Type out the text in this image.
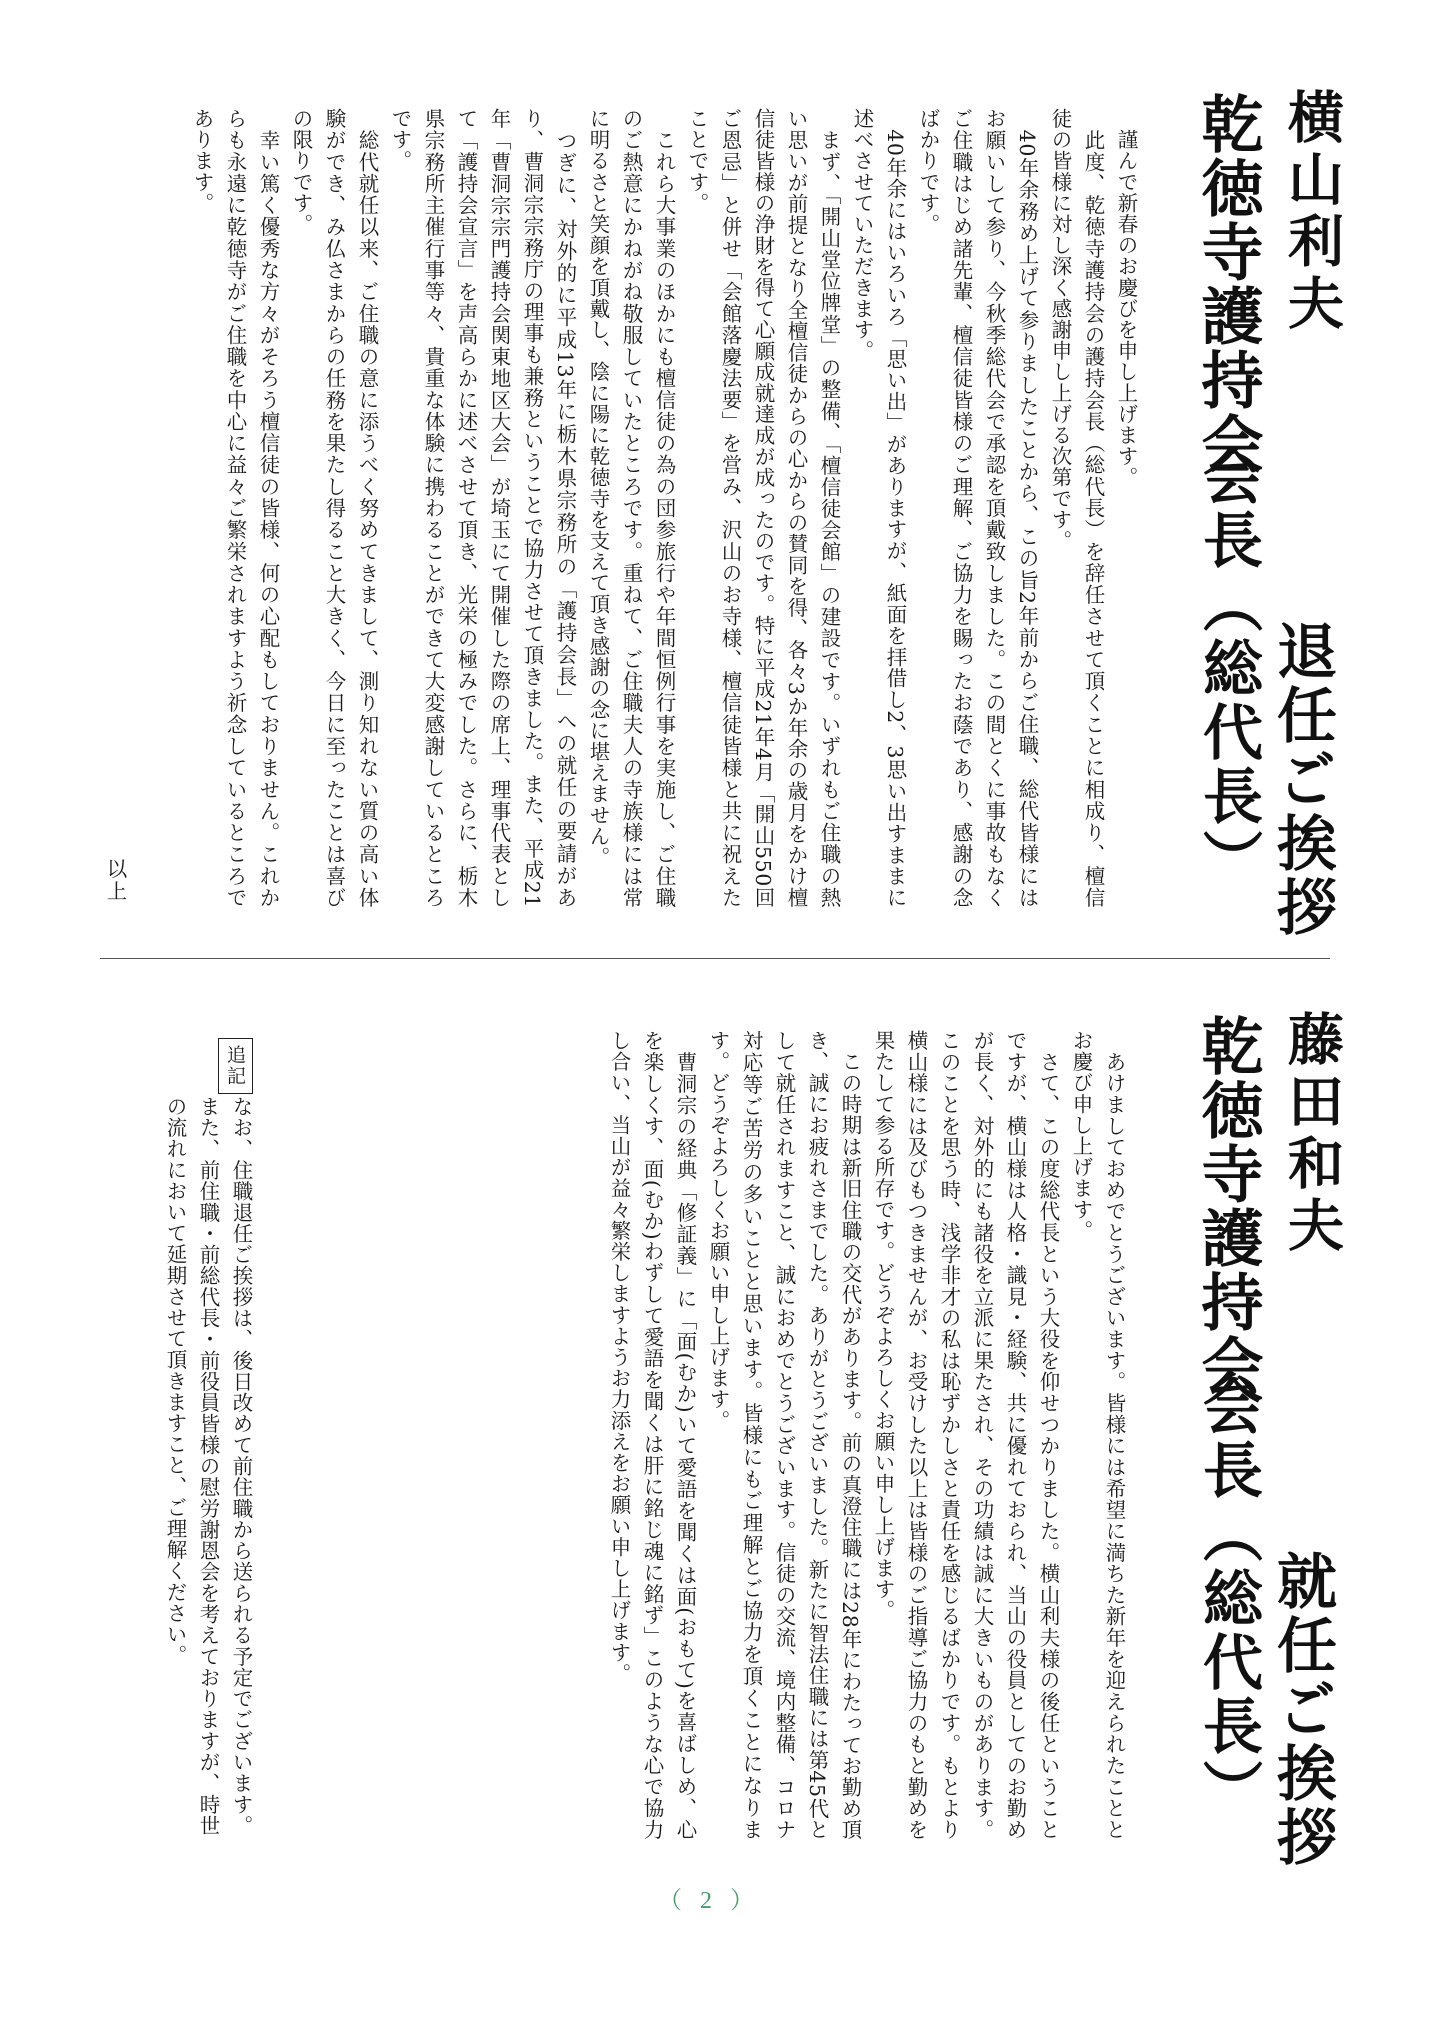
横山利夫
乾徳寺護持会
会長（総代長） 退任ご挨拶
　謹んで新春のお慶びを申し上げます。
　此度、乾徳寺護持会の護持会長（総代長）を辞任させて頂くことに相成り、檀信徒の皆様に対し深く感謝申し上げる次第です。
　40年余務め上げて参りましたことから、この旨2年前からご住職、総代皆様にはお願いして参り、今秋季総代会で承認を頂戴致しました。この間とくに事故もなくご住職はじめ諸先輩、檀信徒皆様のご理解、ご協力を賜ったお蔭であり、感謝の念ばかりです。
　40年余にはいろいろ「思い出」がありますが、紙面を拝借し2、3思い出すままに述べさせていただきます。
　まず、「開山堂位牌堂」の整備、「檀信徒会館」の建設です。いずれもご住職の熱い思いが前提となり全檀信徒からの心からの賛同を得、各々3か年余の歳月をかけ檀信徒皆様の浄財を得て心願成就達成が成ったのです。特に平成21年4月「開山550回ご恩忌」と併せ「会館落慶法要」を営み、沢山のお寺様、檀信徒皆様と共に祝えたことです。
　これら大事業のほかにも檀信徒の為の団参旅行や年間恒例行事を実施し、ご住職のご熱意にかねがね敬服していたところです。重ねて、ご住職夫人の寺族様には常に明るさと笑顔を頂戴し、陰に陽に乾徳寺を支えて頂き感謝の念に堪えません。
　つぎに、対外的に平成13年に栃木県宗務所の「護持会長」への就任の要請があり、曹洞宗宗務庁の理事も兼務ということで協力させて頂きました。また、平成21年「曹洞宗宗門護持会関東地区大会」が埼玉にて開催した際の席上、理事代表として「護持会宣言」を声高らかに述べさせて頂き、光栄の極みでした。さらに、栃木県宗務所主催行事等々、貴重な体験に携わることができて大変感謝しているところです。
　総代就任以来、ご住職の意に添うべく努めてきまして、測り知れない質の高い体験ができ、み仏さまからの任務を果たし得ること大きく、今日に至ったことは喜びの限りです。
　幸い篤く優秀な方々がそろう檀信徒の皆様、何の心配もしておりません。これからも永遠に乾徳寺がご住職を中心に益々ご繁栄されますよう祈念しているところであります。
以上
藤田和夫
乾徳寺護持会
会長（総代長） 就任ご挨拶
　あけましておめでとうございます。皆様には希望に満ちた新年を迎えられたこととお慶び申し上げます。
　さて、この度総代長という大役を仰せつかりました。横山利夫様の後任ということですが、横山様は人格・識見・経験、共に優れておられ、当山の役員としてのお勤めが長く、対外的にも諸役を立派に果たされ、その功績は誠に大きいものがあります。このことを思う時、浅学非才の私は恥ずかしさと責任を感じるばかりです。もとより横山様には及びもつきませんが、お受けした以上は皆様のご指導ご協力のもと勤めを果たして参る所存です。どうぞよろしくお願い申し上げます。
　この時期は新旧住職の交代があります。前の真澄住職には28年にわたってお勤め頂き、誠にお疲れさまでした。ありがとうございました。新たに智法住職には第45代として就任されますこと、誠におめでとうございます。信徒の交流、境内整備、コロナ対応等ご苦労の多いことと思います。皆様にもご理解とご協力を頂くことになります。どうぞよろしくお願い申し上げます。
　曹洞宗の経典「修証義」に「面(むか)いて愛語を聞くは面(おもて)を喜ばしめ、心を楽しくす、面(むか)わずして愛語を聞くは肝に銘じ魂に銘ず」このような心で協力し合い、当山が益々繁栄しますようお力添えをお願い申し上げます。
追記
なお、住職退任ご挨拶は、後日改めて前住職から送られる予定でございます。また、前住職・前総代長・前役員皆様の慰労謝恩会を考えておりますが、時世の流れにおいて延期させて頂きますこと、ご理解ください。
（2）
